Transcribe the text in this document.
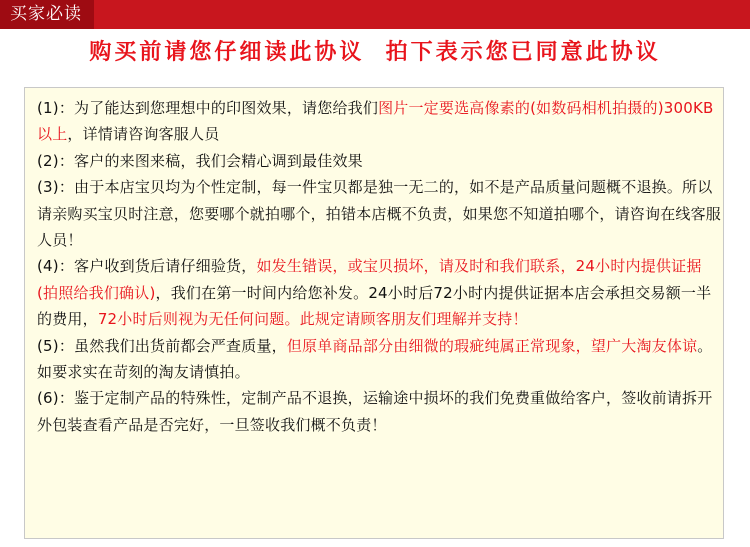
买家必读
购买前请您仔细读此协议  拍下表示您已同意此协议

(1)：为了能达到您理想中的印图效果，请您给我们图片一定要选高像素的(如数码相机拍摄的)300KB以上，详情请咨询客服人员
(2)：客户的来图来稿，我们会精心调到最佳效果
(3)：由于本店宝贝均为个性定制，每一件宝贝都是独一无二的，如不是产品质量问题概不退换。所以请亲购买宝贝时注意，您要哪个就拍哪个，拍错本店概不负责，如果您不知道拍哪个，请咨询在线客服人员！
(4)：客户收到货后请仔细验货，如发生错误，或宝贝损坏，请及时和我们联系，24小时内提供证据(拍照给我们确认)，我们在第一时间内给您补发。24小时后72小时内提供证据本店会承担交易额一半的费用，72小时后则视为无任何问题。此规定请顾客朋友们理解并支持！
(5)：虽然我们出货前都会严查质量，但原单商品部分由细微的瑕疵纯属正常现象，望广大淘友体谅。如要求实在苛刻的淘友请慎拍。
(6)：鉴于定制产品的特殊性，定制产品不退换，运输途中损坏的我们免费重做给客户，签收前请拆开外包装查看产品是否完好，一旦签收我们概不负责！
